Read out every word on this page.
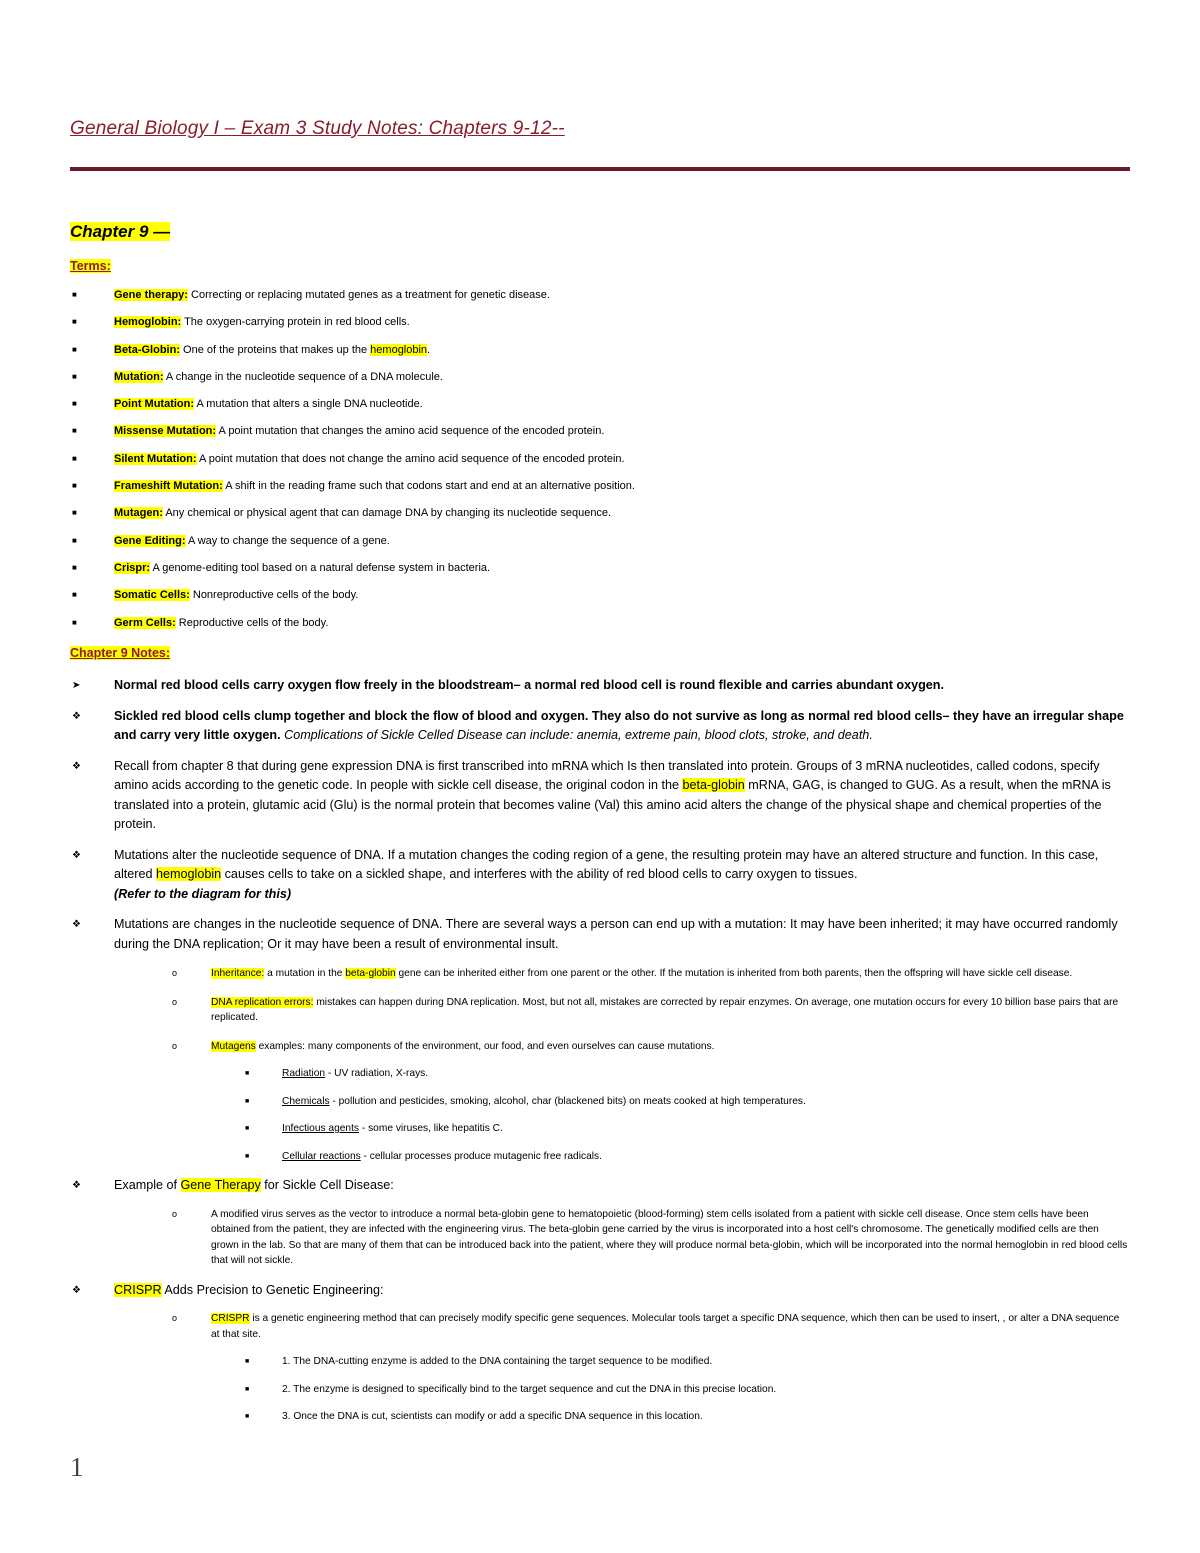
General Biology I – Exam 3 Study Notes: Chapters 9-12--
Chapter 9 —
Terms:
■	Gene therapy: Correcting or replacing mutated genes as a treatment for genetic disease.
■	Hemoglobin: The oxygen-carrying protein in red blood cells.
■	Beta-Globin: One of the proteins that makes up the hemoglobin.
■	Mutation: A change in the nucleotide sequence of a DNA molecule.
■	Point Mutation: A mutation that alters a single DNA nucleotide.
■	Missense Mutation: A point mutation that changes the amino acid sequence of the encoded protein.
■	Silent Mutation: A point mutation that does not change the amino acid sequence of the encoded protein.
■	Frameshift Mutation: A shift in the reading frame such that codons start and end at an alternative position.
■	Mutagen: Any chemical or physical agent that can damage DNA by changing its nucleotide sequence.
■	Gene Editing: A way to change the sequence of a gene.
■	Crispr: A genome-editing tool based on a natural defense system in bacteria.
■	Somatic Cells: Nonreproductive cells of the body.
■	Germ Cells: Reproductive cells of the body.
Chapter 9 Notes:
➤	Normal red blood cells carry oxygen flow freely in the bloodstream– a normal red blood cell is round flexible and carries abundant oxygen.
❖	Sickled red blood cells clump together and block the flow of blood and oxygen. They also do not survive as long as normal red blood cells– they have an irregular shape and carry very little oxygen. Complications of Sickle Celled Disease can include: anemia, extreme pain, blood clots, stroke, and death.
❖	Recall from chapter 8 that during gene expression DNA is first transcribed into mRNA which Is then translated into protein. Groups of 3 mRNA nucleotides, called codons, specify amino acids according to the genetic code. In people with sickle cell disease, the original codon in the beta-globin mRNA, GAG, is changed to GUG. As a result, when the mRNA is translated into a protein, glutamic acid (Glu) is the normal protein that becomes valine (Val) this amino acid alters the change of the physical shape and chemical properties of the protein.
❖	Mutations alter the nucleotide sequence of DNA. If a mutation changes the coding region of a gene, the resulting protein may have an altered structure and function. In this case, altered hemoglobin causes cells to take on a sickled shape, and interferes with the ability of red blood cells to carry oxygen to tissues.
(Refer to the diagram for this)
❖	Mutations are changes in the nucleotide sequence of DNA. There are several ways a person can end up with a mutation: It may have been inherited; it may have occurred randomly during the DNA replication; Or it may have been a result of environmental insult.
o	Inheritance: a mutation in the beta-globin gene can be inherited either from one parent or the other. If the mutation is inherited from both parents, then the offspring will have sickle cell disease.
o	DNA replication errors: mistakes can happen during DNA replication. Most, but not all, mistakes are corrected by repair enzymes. On average, one mutation occurs for every 10 billion base pairs that are replicated.
o	Mutagens examples: many components of the environment, our food, and even ourselves can cause mutations.
■	Radiation - UV radiation, X-rays.
■	Chemicals - pollution and pesticides, smoking, alcohol, char (blackened bits) on meats cooked at high temperatures.
■	Infectious agents - some viruses, like hepatitis C.
■	Cellular reactions - cellular processes produce mutagenic free radicals.
❖	Example of Gene Therapy for Sickle Cell Disease:
o	A modified virus serves as the vector to introduce a normal beta-globin gene to hematopoietic (blood-forming) stem cells isolated from a patient with sickle cell disease. Once stem cells have been obtained from the patient, they are infected with the engineering virus. The beta-globin gene carried by the virus is incorporated into a host cell's chromosome. The genetically modified cells are then grown in the lab. So that are many of them that can be introduced back into the patient, where they will produce normal beta-globin, which will be incorporated into the normal hemoglobin in red blood cells that will not sickle.
❖	CRISPR Adds Precision to Genetic Engineering:
o	CRISPR is a genetic engineering method that can precisely modify specific gene sequences. Molecular tools target a specific DNA sequence, which then can be used to insert, , or alter a DNA sequence at that site.
■	1. The DNA-cutting enzyme is added to the DNA containing the target sequence to be modified.
■	2. The enzyme is designed to specifically bind to the target sequence and cut the DNA in this precise location.
■	3. Once the DNA is cut, scientists can modify or add a specific DNA sequence in this location.
1
